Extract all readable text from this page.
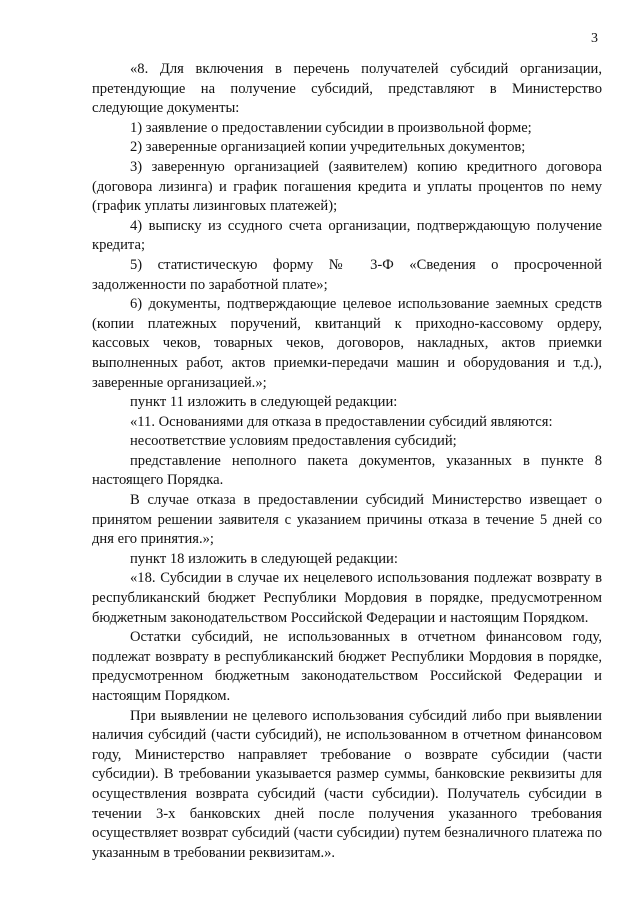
3

«8. Для включения в перечень получателей субсидий организации, претендующие на получение субсидий, представляют в Министерство следующие документы:

1) заявление о предоставлении субсидии в произвольной форме;

2) заверенные организацией копии учредительных документов;

3) заверенную организацией (заявителем) копию кредитного договора (договора лизинга) и график погашения кредита и уплаты процентов по нему (график уплаты лизинговых платежей);

4) выписку из ссудного счета организации, подтверждающую получение кредита;

5) статистическую форму № 3-Ф «Сведения о просроченной задолженности по заработной плате»;

6) документы, подтверждающие целевое использование заемных средств (копии платежных поручений, квитанций к приходно-кассовому ордеру, кассовых чеков, товарных чеков, договоров, накладных, актов приемки выполненных работ, актов приемки-передачи машин и оборудования и т.д.), заверенные организацией.»;

пункт 11 изложить в следующей редакции:

«11. Основаниями для отказа в предоставлении субсидий являются:

несоответствие условиям предоставления субсидий;

представление неполного пакета документов, указанных в пункте 8 настоящего Порядка.

В случае отказа в предоставлении субсидий Министерство извещает о принятом решении заявителя с указанием причины отказа в течение 5 дней со дня его принятия.»;

пункт 18 изложить в следующей редакции:

«18. Субсидии в случае их нецелевого использования подлежат возврату в республиканский бюджет Республики Мордовия в порядке, предусмотренном бюджетным законодательством Российской Федерации и настоящим Порядком.

Остатки субсидий, не использованных в отчетном финансовом году, подлежат возврату в республиканский бюджет Республики Мордовия в порядке, предусмотренном бюджетным законодательством Российской Федерации и настоящим Порядком.

При выявлении не целевого использования субсидий либо при выявлении наличия субсидий (части субсидий), не использованном в отчетном финансовом году, Министерство направляет требование о возврате субсидии (части субсидии). В требовании указывается размер суммы, банковские реквизиты для осуществления возврата субсидий (части субсидии). Получатель субсидии в течении 3-х банковских дней после получения указанного требования осуществляет возврат субсидий (части субсидии) путем безналичного платежа по указанным в требовании реквизитам.».
